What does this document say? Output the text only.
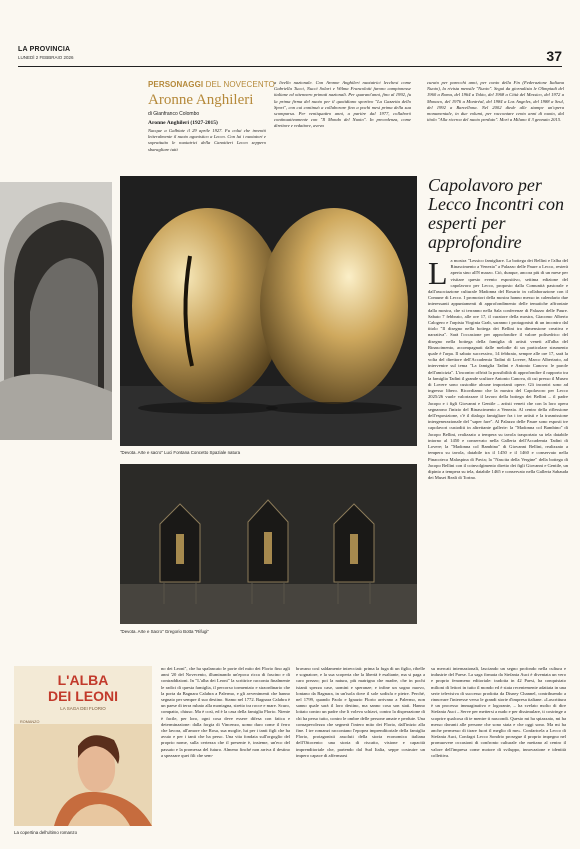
LA PROVINCIA
LUNEDÌ 2 FEBBRAIO 2026	37
PERSONAGGI DEL NOVECENTO
Aronne Anghileri
di Gianfranco Colombo
Aronne Anghileri (1927-2015)
Nacque a Galbiate il 29 aprile 1927. Fu colui che inventò letteralmente il nuoto agonistico a Lecco. Con lui i nuotatori e soprattutto le nuotatrici della Canottieri Lecco seppero sbaragliare tutti
a livello nazionale. Con Aronne Anghileri nuotatrici lecchesi come Gabriella Tucci, Nuccì Solari e Wilma Francolotti furono campionesse italiane ed ottennero primati nazionali. Per quarant'anni, fino al 1992, fu la prima firma del nuoto per il quotidiano sportivo "La Gazzetta dello Sport", con cui continuò a collaborare fino a pochi mesi prima della sua scomparsa. Per ventiquattro anni, a partire dal 1977, collaborò continuativamente con "Il Mondo del Nuoto". In precedenza, come direttore e redattore, aveva
curato per parecchi anni, per conto della Fin (Federazione Italiana Nuoto), la rivista mensile "Nuoto". Seguì da giornalista le Olimpiadi del 1960 a Roma, del 1964 a Tokio, del 1968 a Città del Messico, del 1972 a Monaco, del 1976 a Montréal, del 1984 a Los Angeles, del 1988 a Seul, del 1992 a Barcellona. Nel 2002 diede alle stampe un'opera monumentale, in due volumi, per raccontare cento anni di nuoto, dal titolo "Alla ricerca del nuoto perduto". Morì a Milano il 3 gennaio 2015.
"Devota. Arte e sacro" Luci Fontana Concetto Spaziale natura
"Devota. Arte e Sacro" Gregorio Botta "Rifugi"
Capolavoro per Lecco Incontri con esperti per approfondire
L a mostra "Lessico famigliare. La bottega dei Bellini e l'alba del Rinascimento a Venezia" a Palazzo delle Paure a Lecco, resterà aperta sino all'8 marzo. Ciò, dunque, ancora più di un mese per visitare questo evento espositivo, settima edizione del capolavoro per Lecco, proposto dalla Comunità pastorale e dall'associazione culturale Madonna del Rosario in collaborazione con il Comune di Lecco. I promotori della mostra hanno messo in calendario due interessanti appuntamenti di approfondimento delle tematiche affrontate dalla mostra, che si terranno nella Sala conferenze di Palazzo delle Paure. Sabato 7 febbraio, alle ore 17, il curatore della mostra, Giacomo Alberto Calogero e l'arpista Virginia Grab, saranno i protagonisti di un incontro dal titolo "Il disegno nella bottega dei Bellini tra dimensione creativa e narrativa". Sarà l'occasione per approfondire il valore polisedrico del disegno nella bottega della famiglia di artisti veneti all'alba del Rinascimento, accompagnati dalle melodie di un particolare strumento quale è l'arpa. Il sabato successivo, 14 febbraio, sempre alle ore 17, sarà la volta del direttore dell'Accademia Tadini di Lovere, Marco Albertario, ad intervenire sul tema "La famiglia Tadini e Antonio Canova: le parole dell'amicizia". L'incontro offrirà la possibilità di approfondire il rapporto tra la famiglia Tadini il grande scultore Antonio Canova, di cui presso il Museo di Lovere sono custodite alcune importanti opere. Gli incontri sono ad ingresso libero. Ricordiamo che la mostra del Capolavoro per Lecco 2025/26 vuole valorizzare il lavoro della bottega dei Bellini – il padre Jacopo e i figli Giovanni e Gentile – artisti veneti che con la loro opera segnarono l'inizio del Rinascimento a Venezia. Al centro della riflessione dell'esposizione, c'è il dialogo famigliare fra i tre artisti e la trasmissione intergenerazionale del "saper fare". Al Palazzo delle Paure sono esposti tre capolavori custoditi in altrettante gallerie: la "Madonna col Bambino" di Jacopo Bellini, realizzato a tempera su tavola trasportato su tela databile intorno al 1450 e conservato nella Galleria dell'Accademia Tadini di Lovere; la "Madonna col Bambino" di Giovanni Bellini, realizzato a tempera su tavola, databile tra il 1450 e il 1460 e conservato nella Pinacoteca Malaspina di Pavia; la "Nascita della Vergine" della bottega di Jacopo Bellini con il coinvolgimento diretto dei figli Giovanni e Gentile, un dipinto a tempera su tela, databile 1465 e conservato nella Galleria Sabauda dei Musei Reali di Torino.
L'ALBA
DEI LEONI
LA SAGA DEI FLORIO
ROMANZO
La copertina dell'ultimo romanzo
no dei Leoni", che ha spalancato le porte del mito dei Florio fino agli anni '20 del Novecento, illuminando un'epoca ricca di fascino e di contraddizioni. In "L'alba dei Leoni" la scrittrice racconta finalmente le radici di questa famiglia, il percorso tormentato e straordinario che la porta da Bagnara Calabra a Palermo, e gli avvenimenti che hanno segnato per sempre il suo destino. Siamo nel 1772. Bagnara Calabra è un paese di terra rubato alla montagna, stretto tra rocce e mare. Scuro, compatto, chiuso. Ma è così, ed è la casa della famiglia Florio. Niente è facile, per loro, ogni cosa deve essere difesa con fatica e determinazione: dalla forgia di Vincenzo, uomo duro come il ferro che lavora, all'amore che Rosa, sua moglie, lui per i tanti figli che ha avuto e per i tanti che ha perso. Una vita fondata sull'orgoglio del proprio nome, sulla certezza che il presente è, insieme, un'eco del passato e la promessa del futuro. Almeno finché non arriva il destino a spezzare quei fili che sem-
bravano così saldamente intrecciati: prima la fuga di un figlio, ribelle e sognatore, e la sua scoperta che la libertà è esaltante, ma si paga a caro prezzo; poi la natura, più matrigna che madre, che in pochi istanti spezza case, uomini e speranze; e infine un sogno nuovo, lontano da Bagnara, in un'isola dove il sole sodisfa e pietre. Perché, nel 1799, quando Paolo e Ignazio Florio arrivano a Palermo, non sanno quale sarà il loro destino, ma sanno cosa son stati. Hanno lottato contro un padre che li voleva schiavi, contro la disperazione di chi ha perso tutto, contro le ombre delle persone amate e perdute. Una consapevolezza che segnerà l'intero mito dei Florio, dall'inizio alla fine. I tre romanzi raccontano l'epopea imprenditoriale della famiglia Florio, protagonisti assoluti della storia economica italiana dell'Ottocento: una storia di riscatto, visione e capacità imprenditoriale che, partendo dal Sud Italia, seppe costruire un impero capace di affermarsi
su mercati internazionali, lasciando un segno profondo nella cultura e industrie del Paese. La saga firmata da Stefania Auci è diventata un vero e proprio fenomeno editoriale: tradotta in 42 Paesi, ha conquistato milioni di lettori in tutto il mondo ed è stata recentemente adattata in una serie televisiva di successo prodotta da Disney Channel, contribuendo a rinnovare l'interesse verso le grandi storie d'impresa italiane. «Lascrittura è un processo immaginativo e logorante, – ha svelato molto di dire Stefania Auci – Serve per mettersi a nudo e per dissimulare, ti costringe a scoprire qualcosa di te mentre ti nascondi. Questo mi ha spiazzato, mi ha messo davanti alle persone che sono stata e che oggi sono. Ma mi ha anche permesso di tirare fuori il meglio di me». Confartcela a Lecco di Stefania Auci, Confagri Lecco Sondrio prosegue il proprio impegno nel promuovere occasioni di confronto culturale che mettano al centro il valore dell'impresa come motore di sviluppo, innovazione e identità collettiva.
